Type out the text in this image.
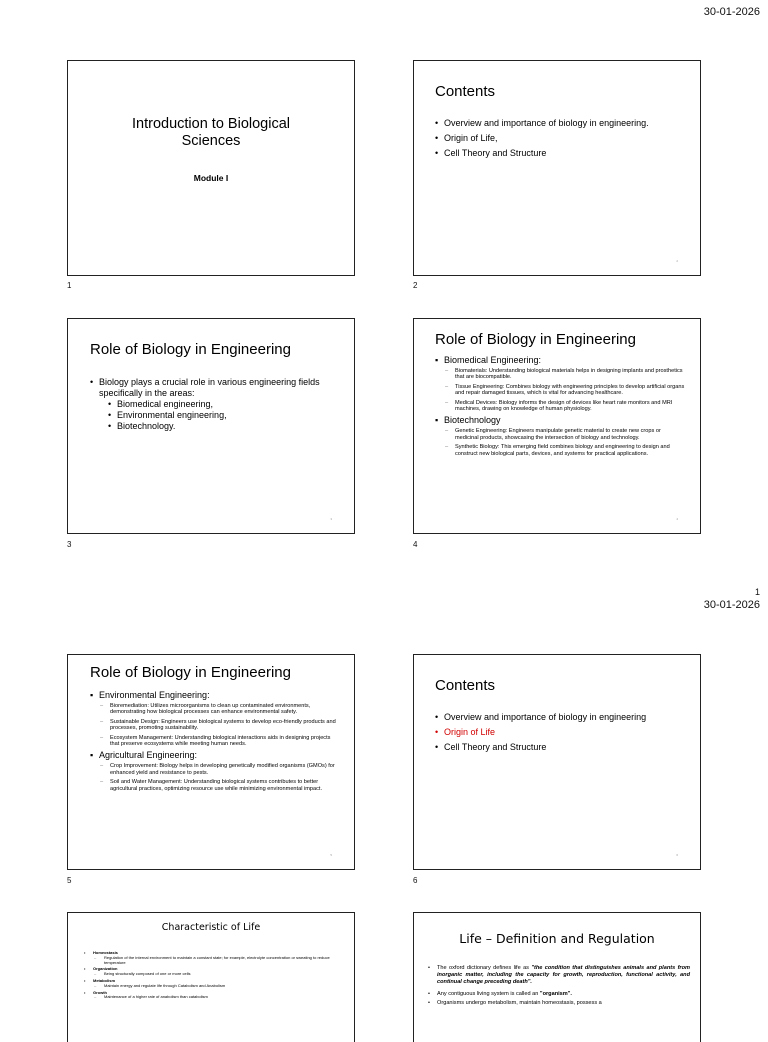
30-01-2026
1
30-01-2026
Introduction to Biological Sciences
Module I
1
Contents
• Overview and importance of biology in engineering.
• Origin of Life,
• Cell Theory and Structure
2
2
Role of Biology in Engineering
• Biology plays a crucial role in various engineering fields specifically in the areas:
• Biomedical engineering,
• Environmental engineering,
• Biotechnology.
3
3
Role of Biology in Engineering
▪ Biomedical Engineering:
– Biomaterials: Understanding biological materials helps in designing implants and prosthetics that are biocompatible.
– Tissue Engineering: Combines biology with engineering principles to develop artificial organs and repair damaged tissues, which is vital for advancing healthcare.
– Medical Devices: Biology informs the design of devices like heart rate monitors and MRI machines, drawing on knowledge of human physiology.
▪ Biotechnology
– Genetic Engineering: Engineers manipulate genetic material to create new crops or medicinal products, showcasing the intersection of biology and technology.
– Synthetic Biology: This emerging field combines biology and engineering to design and construct new biological parts, devices, and systems for practical applications.
4
4
Role of Biology in Engineering
▪ Environmental Engineering:
– Bioremediation: Utilizes microorganisms to clean up contaminated environments, demonstrating how biological processes can enhance environmental safety.
– Sustainable Design: Engineers use biological systems to develop eco-friendly products and processes, promoting sustainability.
– Ecosystem Management: Understanding biological interactions aids in designing projects that preserve ecosystems while meeting human needs.
▪ Agricultural Engineering:
– Crop Improvement: Biology helps in developing genetically modified organisms (GMOs) for enhanced yield and resistance to pests.
– Soil and Water Management: Understanding biological systems contributes to better agricultural practices, optimizing resource use while minimizing environmental impact.
5
5
Contents
• Overview and importance of biology in engineering
• Origin of Life
• Cell Theory and Structure
6
6
Characteristic of Life
• Homeostasis
– Regulation of the internal environment to maintain a constant state; for example, electrolyte concentration or sweating to reduce temperature
• Organization
– Being structurally composed of one or more cells
• Metabolism
– Maintain energy and regulate life through Catabolism and Anabolism
• Growth
– Maintenance of a higher rate of anabolism than catabolism
Life – Definition and Regulation
• The oxford dictionary defines life as "the condition that distinguishes animals and plants from inorganic matter, including the capacity for growth, reproduction, functional activity, and continual change preceding death".
• Any contiguous living system is called an "organism".
• Organisms undergo metabolism, maintain homeostasis, possess a
